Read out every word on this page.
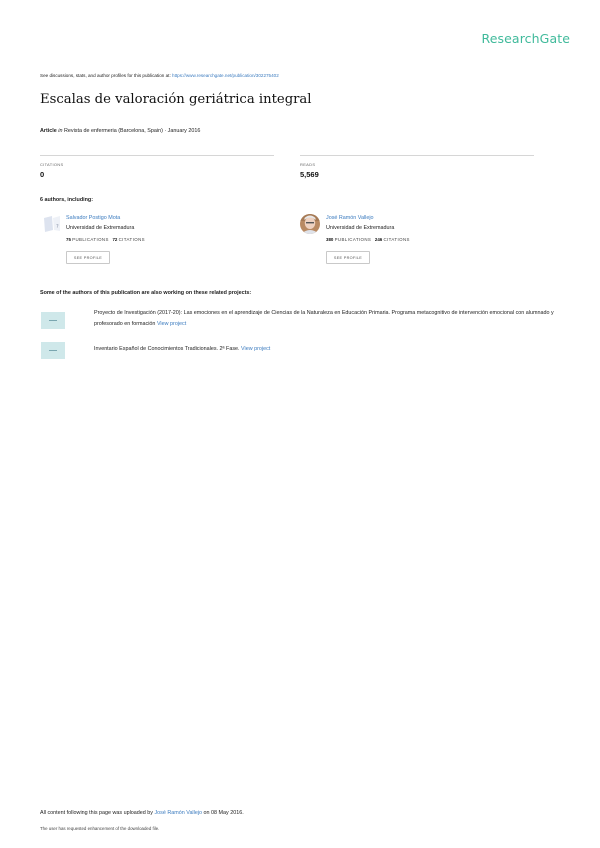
ResearchGate
See discussions, stats, and author profiles for this publication at: https://www.researchgate.net/publication/302275402
Escalas de valoración geriátrica integral
Article in Revista de enfermeria (Barcelona, Spain) · January 2016
CITATIONS
0
READS
5,569
6 authors, including:
?
Salvador Postigo Mota
Universidad de Extremadura
75 PUBLICATIONS 72 CITATIONS
SEE PROFILE
José Ramón Vallejo
Universidad de Extremadura
380 PUBLICATIONS 246 CITATIONS
SEE PROFILE
Some of the authors of this publication are also working on these related projects:
Proyecto de Investigación (2017-20): Las emociones en el aprendizaje de Ciencias de la Naturaleza en Educación Primaria. Programa metacognitivo de intervención emocional con alumnado y profesorado en formación View project
Inventario Español de Conocimientos Tradicionales. 2ª Fase. View project
All content following this page was uploaded by José Ramón Vallejo on 08 May 2016.
The user has requested enhancement of the downloaded file.
